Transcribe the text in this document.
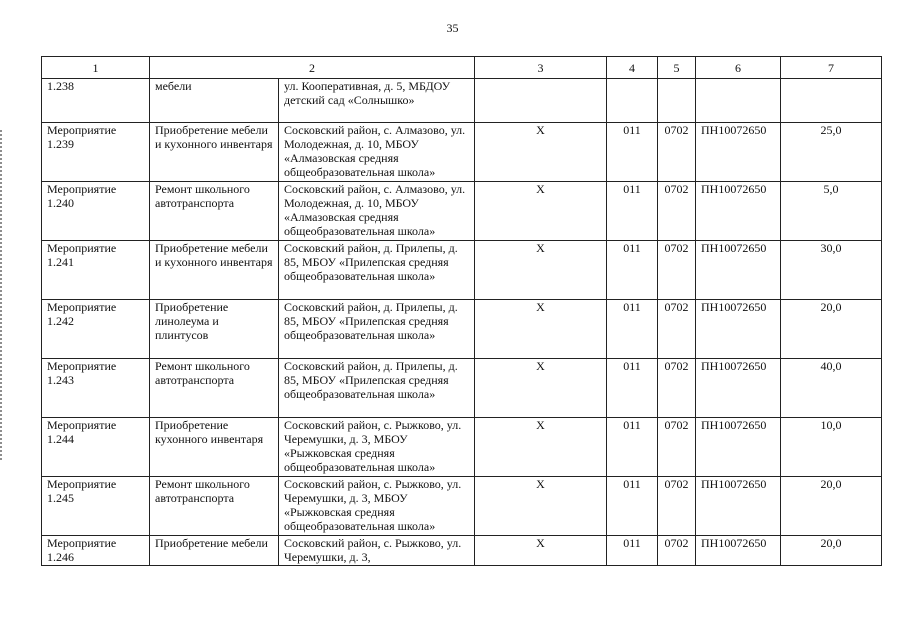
35
1	2		3	4	5	6	7
1.238	мебели	ул. Кооперативная, д. 5, МБДОУ детский сад «Солнышко»					
Мероприятие 1.239	Приобретение мебели и кухонного инвентаря	Сосковский район, с. Алмазово, ул. Молодежная, д. 10, МБОУ «Алмазовская средняя общеобразовательная школа»	Х	011	0702	ПН10072650	25,0
Мероприятие 1.240	Ремонт школьного автотранспорта	Сосковский район, с. Алмазово, ул. Молодежная, д. 10, МБОУ «Алмазовская средняя общеобразовательная школа»	Х	011	0702	ПН10072650	5,0
Мероприятие 1.241	Приобретение мебели и кухонного инвентаря	Сосковский район, д. Прилепы, д. 85, МБОУ «Прилепская средняя общеобразовательная школа»	Х	011	0702	ПН10072650	30,0
Мероприятие 1.242	Приобретение линолеума и плинтусов	Сосковский район, д. Прилепы, д. 85, МБОУ «Прилепская средняя общеобразовательная школа»	Х	011	0702	ПН10072650	20,0
Мероприятие 1.243	Ремонт школьного автотранспорта	Сосковский район, д. Прилепы, д. 85, МБОУ «Прилепская средняя общеобразовательная школа»	Х	011	0702	ПН10072650	40,0
Мероприятие 1.244	Приобретение кухонного инвентаря	Сосковский район, с. Рыжково, ул. Черемушки, д. 3, МБОУ «Рыжковская средняя общеобразовательная школа»	Х	011	0702	ПН10072650	10,0
Мероприятие 1.245	Ремонт школьного автотранспорта	Сосковский район, с. Рыжково, ул. Черемушки, д. 3, МБОУ «Рыжковская средняя общеобразовательная школа»	Х	011	0702	ПН10072650	20,0
Мероприятие 1.246	Приобретение мебели	Сосковский район, с. Рыжково, ул. Черемушки, д. 3,	Х	011	0702	ПН10072650	20,0
